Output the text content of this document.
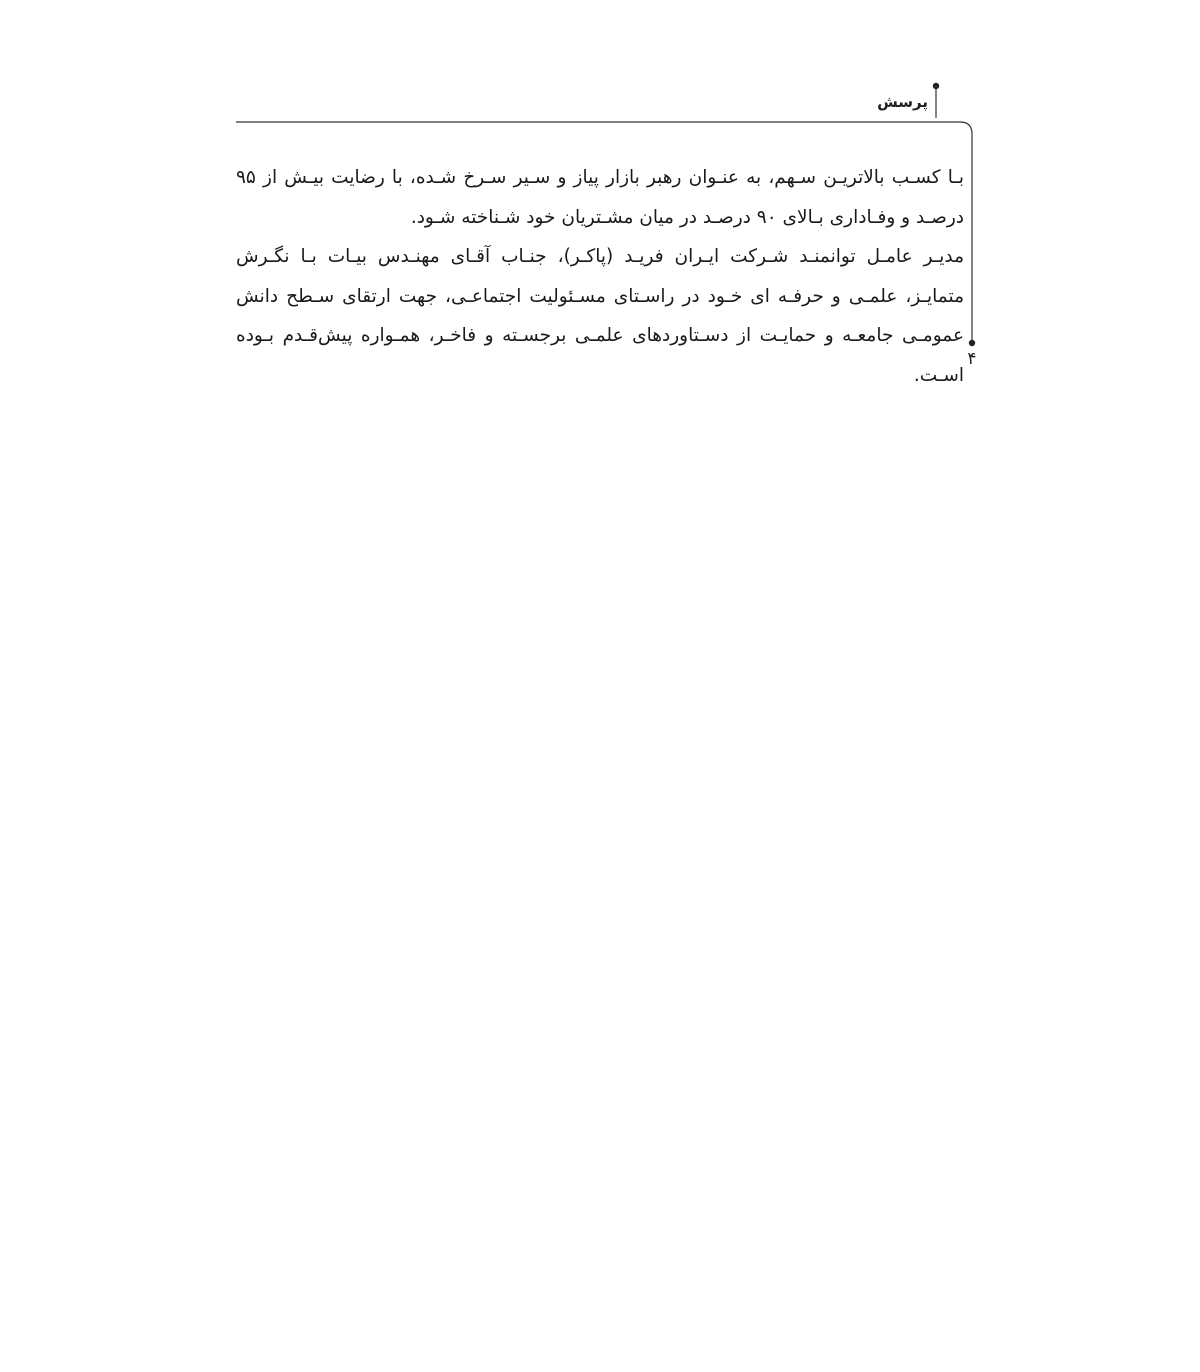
پرسش

بـا کسـب بالاتریـن سـهم، به عنـوان رهبر بازار پیاز و سـیر سـرخ شـده، با رضایت بیـش از ۹۵ درصـد و وفـاداری بـالای ۹۰ درصـد در میان مشـتریان خود شـناخته شـود.

مدیـر عامـل توانمنـد شـرکت ایـران فریـد (پاکـر)، جنـاب آقـای مهنـدس بیـات بـا نگـرش متمایـز، علمـی و حرفـه ای خـود در راسـتای مسـئولیت اجتماعـی، جهت ارتقای سـطح دانش عمومـی جامعـه و حمایـت از دسـتاوردهای علمـی برجسـته و فاخـر، همـواره پیش‌قـدم بـوده اسـت.

۴
